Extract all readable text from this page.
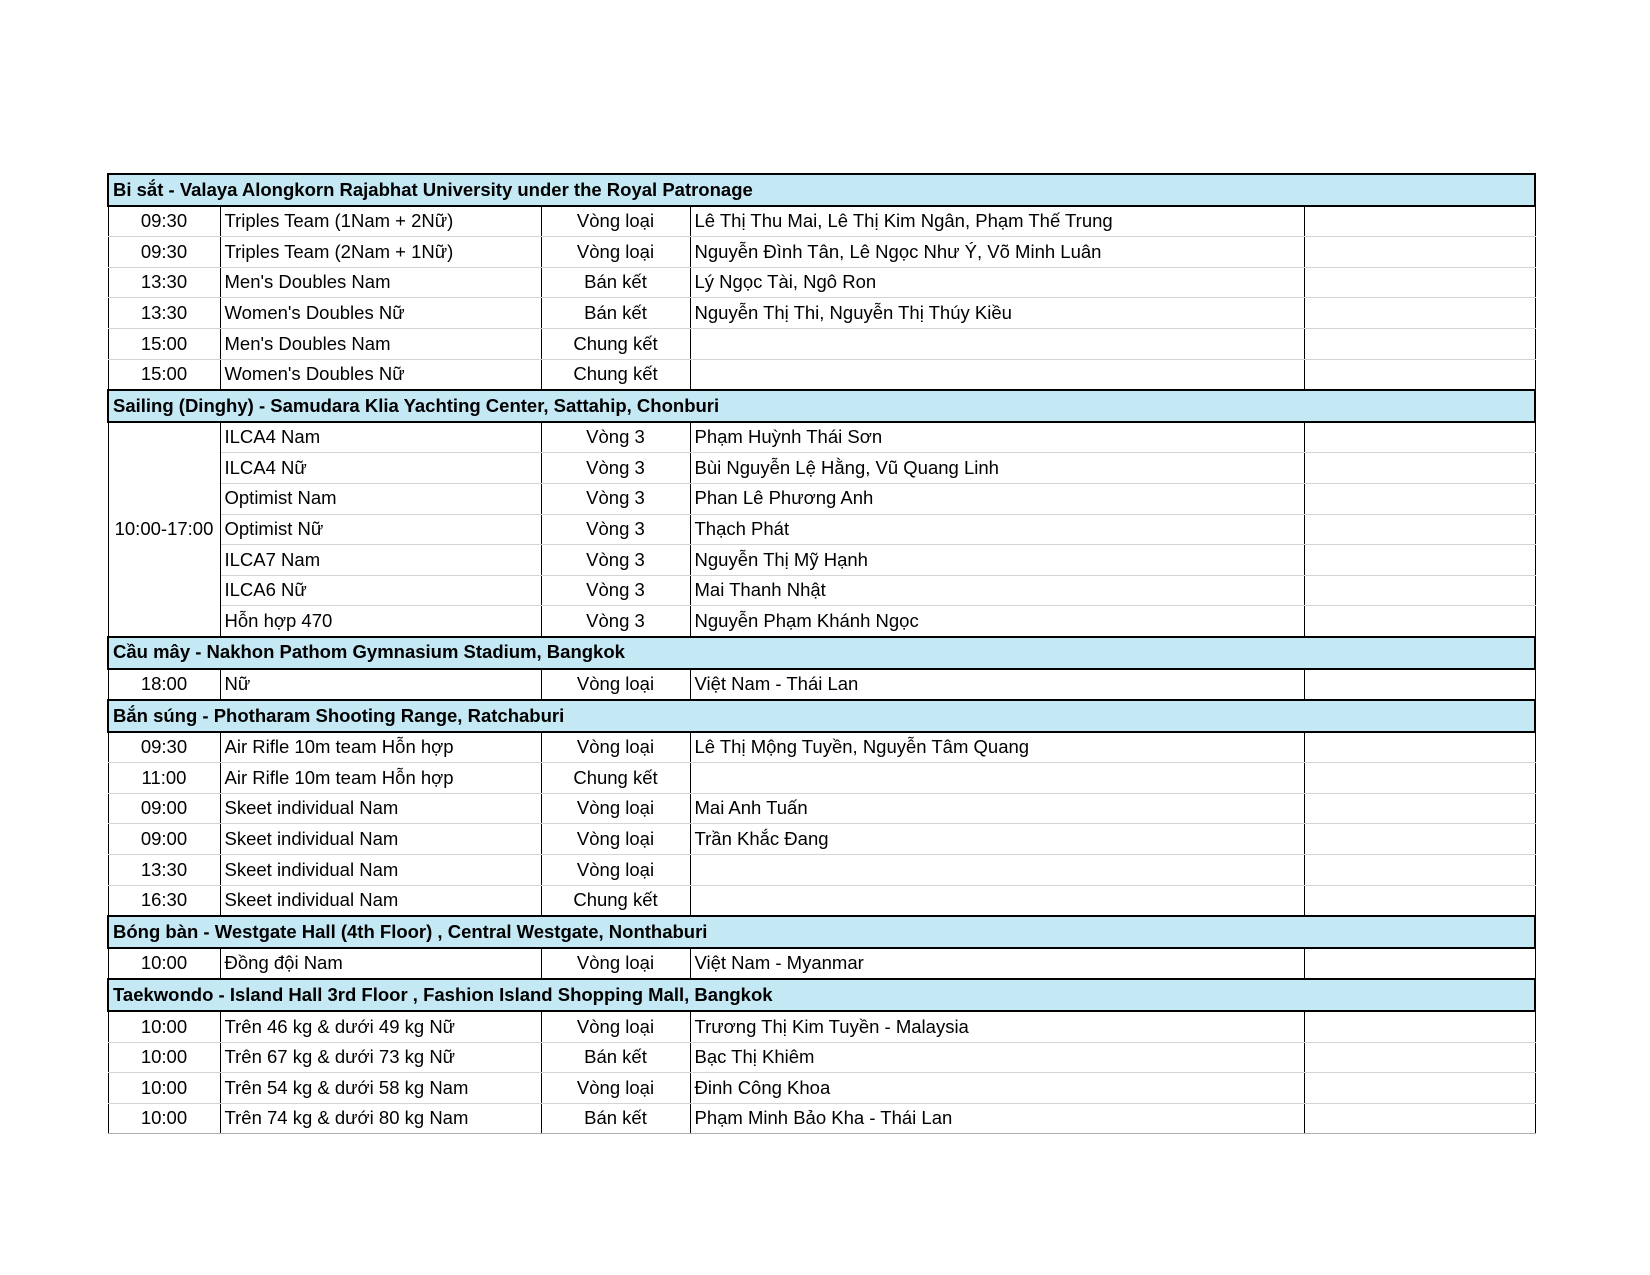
Bi sắt - Valaya Alongkorn Rajabhat University under the Royal Patronage				
09:30	Triples Team (1Nam + 2Nữ)	Vòng loại	Lê Thị Thu Mai, Lê Thị Kim Ngân, Phạm Thế Trung	
09:30	Triples Team (2Nam + 1Nữ)	Vòng loại	Nguyễn Đình Tân, Lê Ngọc Như Ý, Võ Minh Luân	
13:30	Men's Doubles Nam	Bán kết	Lý Ngọc Tài, Ngô Ron	
13:30	Women's Doubles Nữ	Bán kết	Nguyễn Thị Thi, Nguyễn Thị Thúy Kiều	
15:00	Men's Doubles Nam	Chung kết		
15:00	Women's Doubles Nữ	Chung kết		
Sailing (Dinghy) - Samudara Klia Yachting Center, Sattahip, Chonburi				
10:00-17:00	ILCA4 Nam	Vòng 3	Phạm Huỳnh Thái Sơn	
	ILCA4 Nữ	Vòng 3	Bùi Nguyễn Lệ Hằng, Vũ Quang Linh	
	Optimist Nam	Vòng 3	Phan Lê Phương Anh	
	Optimist Nữ	Vòng 3	Thạch Phát	
	ILCA7 Nam	Vòng 3	Nguyễn Thị Mỹ Hạnh	
	ILCA6 Nữ	Vòng 3	Mai Thanh Nhật	
	Hỗn hợp 470	Vòng 3	Nguyễn Phạm Khánh Ngọc	
Cầu mây - Nakhon Pathom Gymnasium Stadium, Bangkok				
18:00	Nữ	Vòng loại	Việt Nam - Thái Lan	
Bắn súng - Photharam Shooting Range, Ratchaburi				
09:30	Air Rifle 10m team Hỗn hợp	Vòng loại	Lê Thị Mộng Tuyền, Nguyễn Tâm Quang	
11:00	Air Rifle 10m team Hỗn hợp	Chung kết		
09:00	Skeet individual Nam	Vòng loại	Mai Anh Tuấn	
09:00	Skeet individual Nam	Vòng loại	Trần Khắc Đang	
13:30	Skeet individual Nam	Vòng loại		
16:30	Skeet individual Nam	Chung kết		
Bóng bàn - Westgate Hall (4th Floor) , Central Westgate, Nonthaburi				
10:00	Đồng đội Nam	Vòng loại	Việt Nam - Myanmar	
Taekwondo - Island Hall 3rd Floor , Fashion Island Shopping Mall, Bangkok				
10:00	Trên 46 kg & dưới 49 kg Nữ	Vòng loại	Trương Thị Kim Tuyền - Malaysia	
10:00	Trên 67 kg & dưới 73 kg Nữ	Bán kết	Bạc Thị Khiêm	
10:00	Trên 54 kg & dưới 58 kg Nam	Vòng loại	Đinh Công Khoa	
10:00	Trên 74 kg & dưới 80 kg Nam	Bán kết	Phạm Minh Bảo Kha - Thái Lan	
